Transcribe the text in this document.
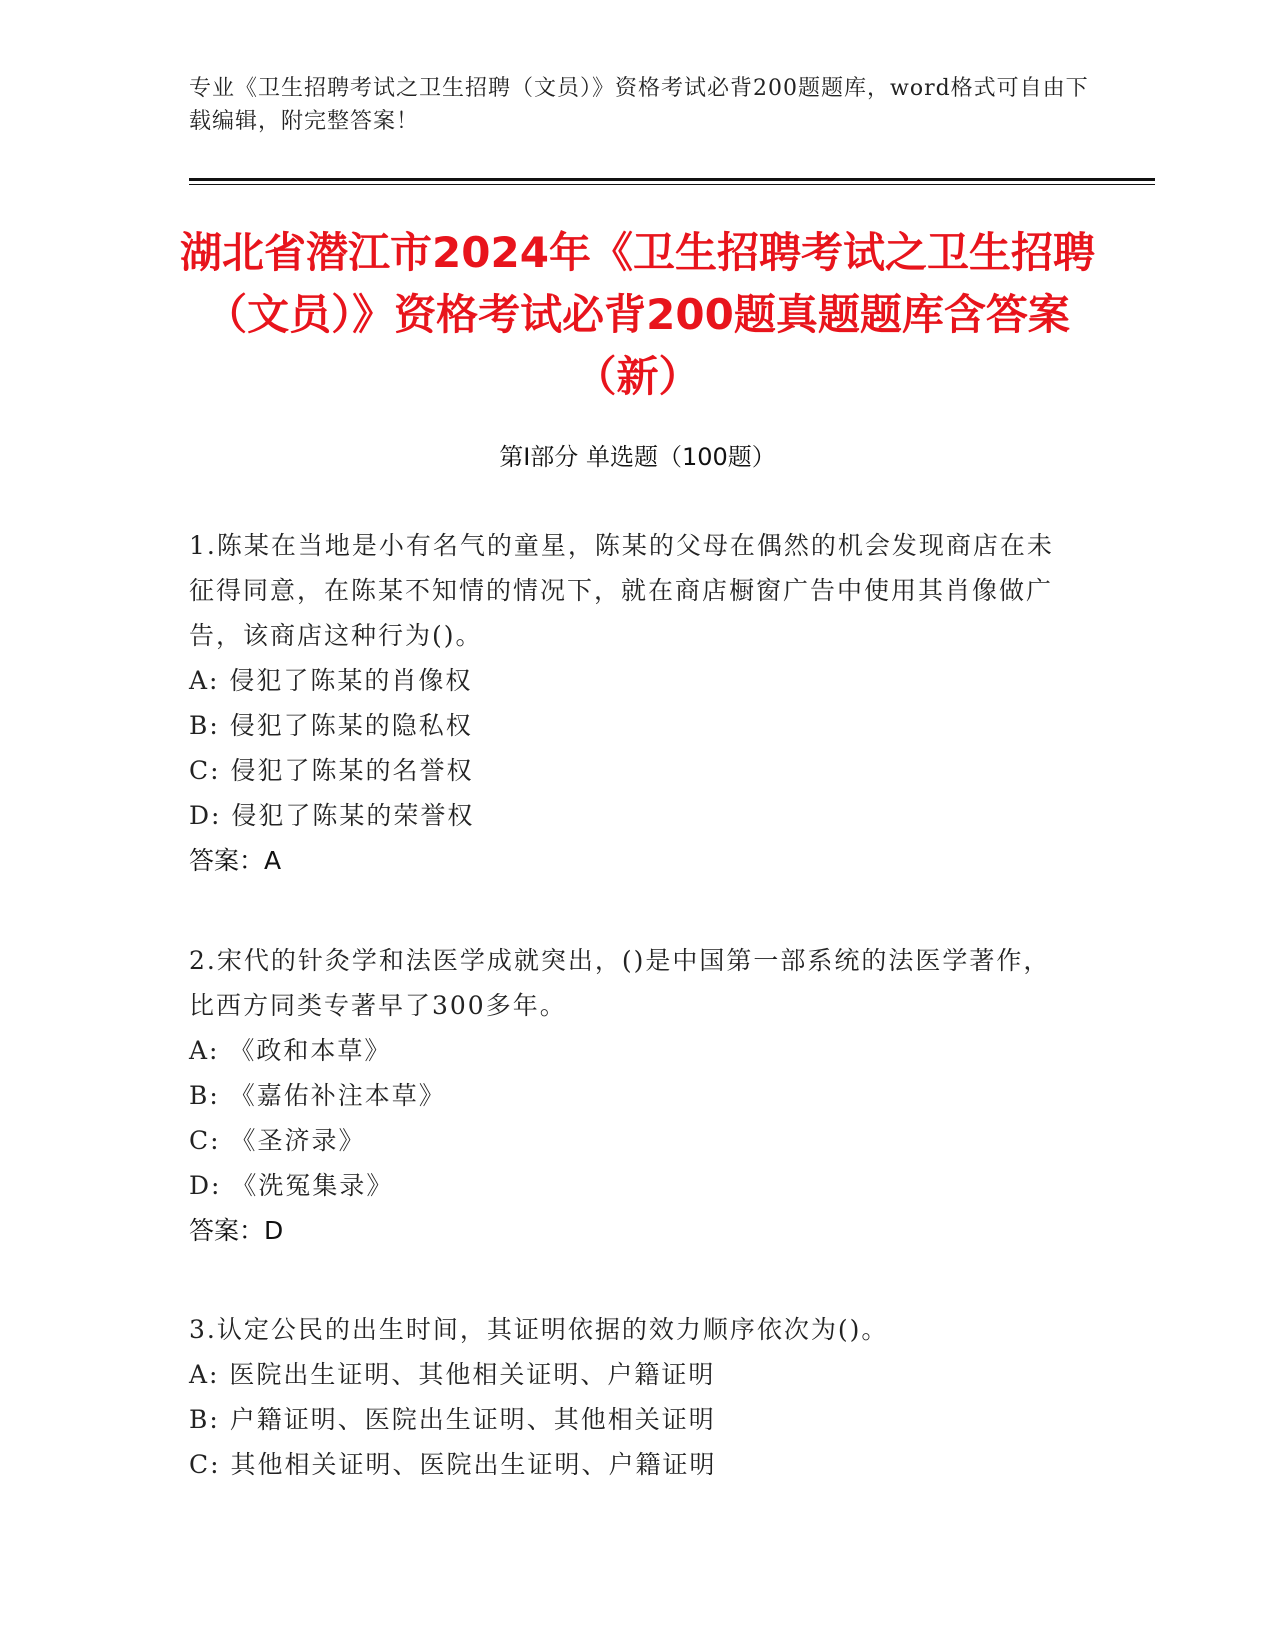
专业《卫生招聘考试之卫生招聘（文员）》资格考试必背200题题库，word格式可自由下载编辑，附完整答案！
湖北省潜江市2024年《卫生招聘考试之卫生招聘（文员）》资格考试必背200题真题题库含答案（新）
第Ⅰ部分 单选题（100题）
1.陈某在当地是小有名气的童星，陈某的父母在偶然的机会发现商店在未征得同意，在陈某不知情的情况下，就在商店橱窗广告中使用其肖像做广告，该商店这种行为()。
A: 侵犯了陈某的肖像权
B: 侵犯了陈某的隐私权
C: 侵犯了陈某的名誉权
D: 侵犯了陈某的荣誉权
答案：A
2.宋代的针灸学和法医学成就突出，()是中国第一部系统的法医学著作，比西方同类专著早了300多年。
A: 《政和本草》
B: 《嘉佑补注本草》
C: 《圣济录》
D: 《洗冤集录》
答案：D
3.认定公民的出生时间，其证明依据的效力顺序依次为()。
A: 医院出生证明、其他相关证明、户籍证明
B: 户籍证明、医院出生证明、其他相关证明
C: 其他相关证明、医院出生证明、户籍证明
